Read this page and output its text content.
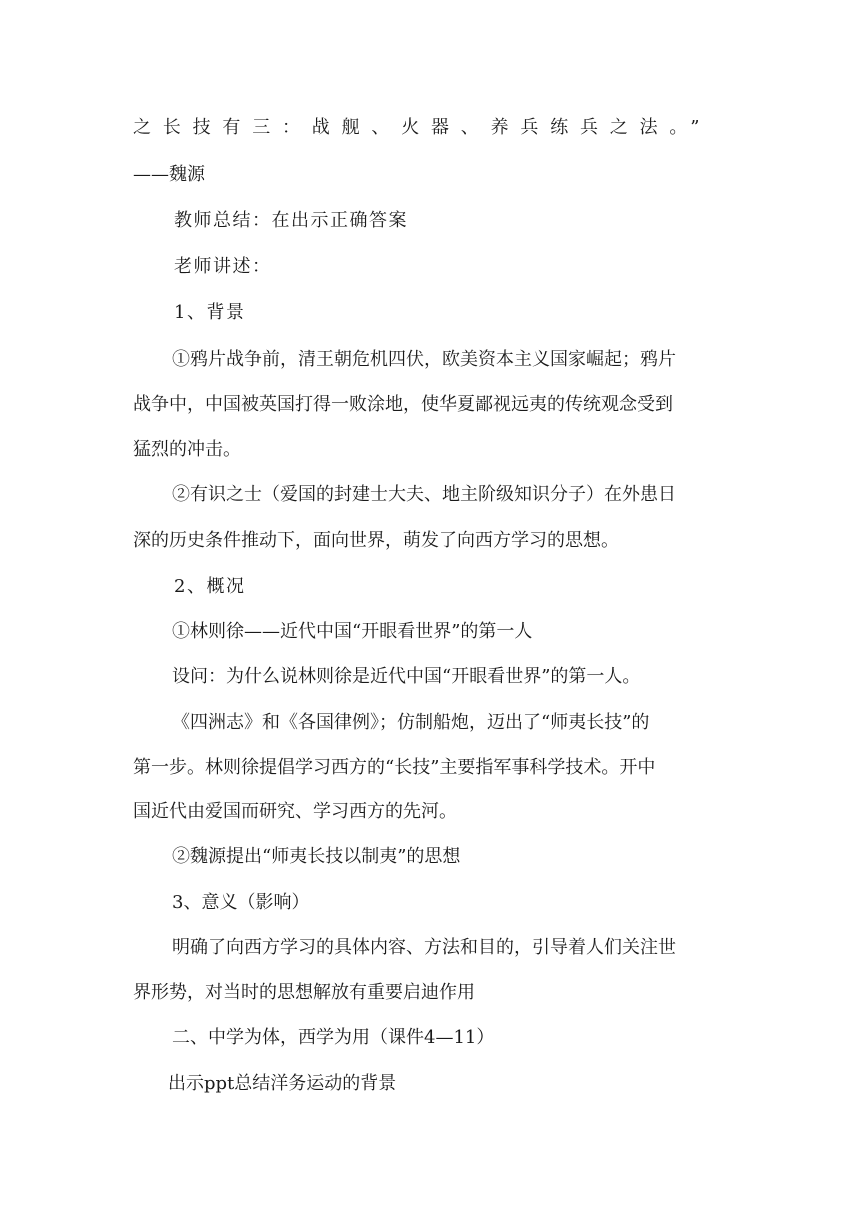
之长技有三：战舰、火器、养兵练兵之法。”
——魏源
教师总结：在出示正确答案
老师讲述：
1、背景
①鸦片战争前，清王朝危机四伏，欧美资本主义国家崛起；鸦片
战争中，中国被英国打得一败涂地，使华夏鄙视远夷的传统观念受到
猛烈的冲击。
②有识之士（爱国的封建士大夫、地主阶级知识分子）在外患日
深的历史条件推动下，面向世界，萌发了向西方学习的思想。
2、概况
①林则徐——近代中国“开眼看世界”的第一人
设问：为什么说林则徐是近代中国“开眼看世界”的第一人。
《四洲志》和《各国律例》；仿制船炮，迈出了“师夷长技”的
第一步。林则徐提倡学习西方的“长技”主要指军事科学技术。开中
国近代由爱国而研究、学习西方的先河。
②魏源提出“师夷长技以制夷”的思想
3、意义（影响）
明确了向西方学习的具体内容、方法和目的，引导着人们关注世
界形势，对当时的思想解放有重要启迪作用
二、中学为体，西学为用（课件4—11）
出示ppt总结洋务运动的背景
